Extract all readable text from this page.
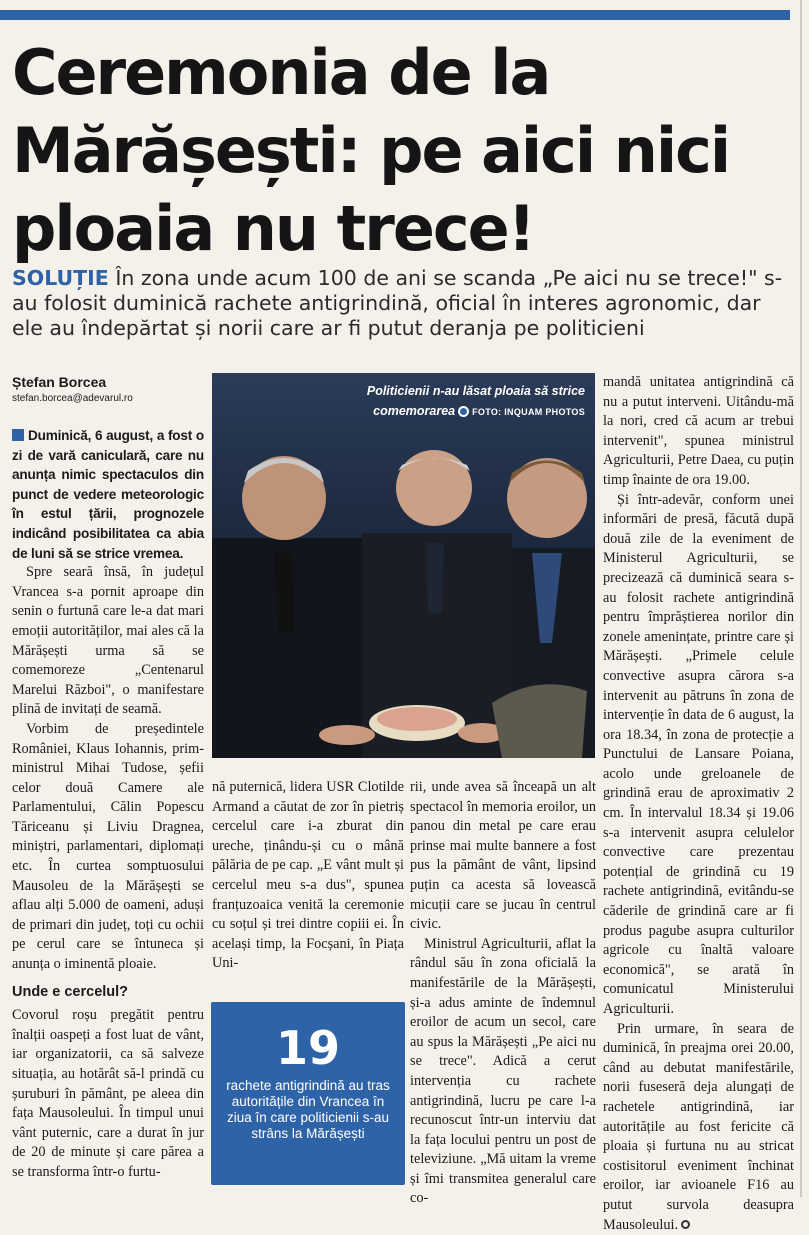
Ceremonia de la Mărășești: pe aici nici ploaia nu trece!
SOLUȚIE În zona unde acum 100 de ani se scanda „Pe aici nu se trece!" s-au folosit duminică rachete antigrindină, oficial în interes agronomic, dar ele au îndepărtat și norii care ar fi putut deranja pe politicieni
Ștefan Borcea
stefan.borcea@adevarul.ro

Duminică, 6 august, a fost o zi de vară caniculară, care nu anunța nimic spectaculos din punct de vedere meteorologic în estul țării, prognozele indicând posibilitatea ca abia de luni să se strice vremea.

Spre seară însă, în județul Vrancea s-a pornit aproape din senin o furtună care le-a dat mari emoții autorităților, mai ales că la Mărășești urma să se comemoreze „Centenarul Marelui Război", o manifestare plină de invitați de seamă.

Vorbim de președintele României, Klaus Iohannis, prim-ministrul Mihai Tudose, șefii celor două Camere ale Parlamentului, Călin Popescu Tăriceanu și Liviu Dragnea, miniștri, parlamentari, diplomați etc. În curtea somptuosului Mausoleu de la Mărășești se aflau alți 5.000 de oameni, aduși de primari din județ, toți cu ochii pe cerul care se întuneca și anunța o iminentă ploaie.

Unde e cercelul?

Covorul roșu pregătit pentru înalții oaspeți a fost luat de vânt, iar organizatorii, ca să salveze situația, au hotărât să-l prindă cu șuruburi în pământ, pe aleea din fața Mausoleului. În timpul unui vânt puternic, care a durat în jur de 20 de minute și care părea a se transforma într-o furtu-

Politicienii n-au lăsat ploaia să strice comemorarea FOTO: INQUAM PHOTOS

nă puternică, lidera USR Clotilde Armand a căutat de zor în pietriș cercelul care i-a zburat din ureche, ținându-și cu o mână pălăria de pe cap. „E vânt mult și cercelul meu s-a dus", spunea franțuzoaica venită la ceremonie cu soțul și trei dintre copiii ei. În același timp, la Focșani, în Piața Uni-

19
rachete antigrindină au tras autoritățile din Vrancea în ziua în care politicienii s-au strâns la Mărășești

rii, unde avea să înceapă un alt spectacol în memoria eroilor, un panou din metal pe care erau prinse mai multe bannere a fost pus la pământ de vânt, lipsind puțin ca acesta să lovească micuții care se jucau în centrul civic.

Ministrul Agriculturii, aflat la rândul său în zona oficială la manifestările de la Mărășești, și-a adus aminte de îndemnul eroilor de acum un secol, care au spus la Mărășești „Pe aici nu se trece". Adică a cerut intervenția cu rachete antigrindină, lucru pe care l-a recunoscut într-un interviu dat la fața locului pentru un post de televiziune. „Mă uitam la vreme și îmi transmitea generalul care co-

mandă unitatea antigrindină că nu a putut interveni. Uitându-mă la nori, cred că acum ar trebui intervenit", spunea ministrul Agriculturii, Petre Daea, cu puțin timp înainte de ora 19.00.

Și într-adevăr, conform unei informări de presă, făcută după două zile de la eveniment de Ministerul Agriculturii, se precizează că duminică seara s-au folosit rachete antigrindină pentru împrăștierea norilor din zonele amenințate, printre care și Mărășești. „Primele celule convective asupra cărora s-a intervenit au pătruns în zona de intervenție în data de 6 august, la ora 18.34, în zona de protecție a Punctului de Lansare Poiana, acolo unde greloanele de grindină erau de aproximativ 2 cm. În intervalul 18.34 și 19.06 s-a intervenit asupra celulelor convective care prezentau potențial de grindină cu 19 rachete antigrindină, evitându-se căderile de grindină care ar fi produs pagube asupra culturilor agricole cu înaltă valoare economică", se arată în comunicatul Ministerului Agriculturii.

Prin urmare, în seara de duminică, în preajma orei 20.00, când au debutat manifestările, norii fuseseră deja alungați de rachetele antigrindină, iar autoritățile au fost fericite că ploaia și furtuna nu au stricat costisitorul eveniment închinat eroilor, iar avioanele F16 au putut survola deasupra Mausoleului.
